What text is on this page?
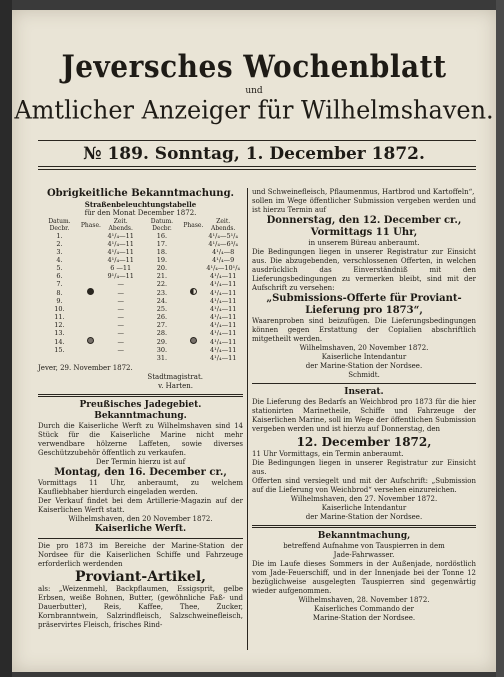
Jeversches Wochenblatt
und
Amtlicher Anzeiger für Wilhelmshaven.
№ 189. Sonntag, 1. December 1872.
Obrigkeitliche Bekanntmachung.
Straßenbeleuchtungstabelle
für den Monat December 1872.
Datum. Decbr.	Phase.	Zeit. Abends.	Datum. Decbr.	Phase.	Zeit. Abends.
1.		4¹/₄—11	16.		4¹/₄—5¹/₄
2.		4¹/₄—11	17.		4¹/₄—6³/₄
3.		4¹/₄—11	18.		4¹/₄—8
4.		4¹/₄—11	19.		4¹/₄—9
5.		6 —11	20.		4¹/₄—10¹/₄
6.		9¹/₄—11	21.		4¹/₄—11
7.		—	22.		4¹/₄—11
8.		—	23.		4¹/₄—11
9.		—	24.		4¹/₄—11
10.		—	25.		4¹/₄—11
11.		—	26.		4¹/₄—11
12.		—	27.		4¹/₄—11
13.		—	28.		4¹/₄—11
14.		—	29.		4¹/₄—11
15.		—	30.		4¹/₄—11
			31.		4¹/₄—11
Jever, 29. November 1872.
Stadtmagistrat.
v. Harten.
Preußisches Jadegebiet.
Bekanntmachung.

Durch die Kaiserliche Werft zu Wilhelmshaven sind 14 Stück für die Kaiserliche Marine nicht mehr verwendbare hölzerne Laffeten, sowie diverses Geschützzubehör öffentlich zu verkaufen.

Der Termin hierzu ist auf

Montag, den 16. December cr.,

Vormittags 11 Uhr, anberaumt, zu welchem Kaufliebhaber hierdurch eingeladen werden.

Der Verkauf findet bei dem Artillerie-Magazin auf der Kaiserlichen Werft statt.

Wilhelmshaven, den 20 November 1872.

Kaiserliche Werft.

Die pro 1873 im Bereiche der Marine-Station der Nordsee für die Kaiserlichen Schiffe und Fahrzeuge erforderlich werdenden

Proviant-Artikel,

als: „Weizenmehl, Backpflaumen, Essigsprit, gelbe Erbsen, weiße Bohnen, Butter, (gewöhnliche Faß- und Dauerbutter), Reis, Kaffee, Thee, Zucker, Kornbranntwein, Salzrindfleisch, Salzschweinefleisch, präservirtes Fleisch, frisches Rind-

und Schweinefleisch, Pflaumenmus, Hartbrod und Kartoffeln“,

sollen im Wege öffentlicher Submission vergeben werden und ist hierzu Termin auf

Donnerstag, den 12. December cr.,
Vormittags 11 Uhr,

in unserem Büreau anberaumt.

Die Bedingungen liegen in unserer Registratur zur Einsicht aus. Die abzugebenden, verschlossenen Offerten, in welchen ausdrücklich das Einverständniß mit den Lieferungsbedingungen zu vermerken bleibt, sind mit der Aufschrift zu versehen:

„Submissions-Offerte für Proviant-Lieferung pro 1873“,

Waarenproben sind beizufügen. Die Lieferungsbedingungen können gegen Erstattung der Copialien abschriftlich mitgetheilt werden.

Wilhelmshaven, 20 November 1872.

Kaiserliche Intendantur

der Marine-Station der Nordsee.

Schmidt.

Inserat.

Die Lieferung des Bedarfs an Weichbrod pro 1873 für die hier stationirten Marinetheile, Schiffe und Fahrzeuge der Kaiserlichen Marine, soll im Wege der öffentlichen Submission vergeben werden und ist hierzu auf Donnerstag, den

12. December 1872,

11 Uhr Vormittags, ein Termin anberaumt.

Die Bedingungen liegen in unserer Registratur zur Einsicht aus.

Offerten sind versiegelt und mit der Aufschrift: „Submission auf die Lieferung von Weichbrod“ versehen einzureichen.

Wilhelmshaven, den 27. November 1872.

Kaiserliche Intendantur

der Marine-Station der Nordsee.

Bekanntmachung,

betreffend Aufnahme von Tauspierren in dem

Jade-Fahrwasser.

Die im Laufe dieses Sommers in der Außenjade, nordöstlich vom Jade-Feuerschiff, und in der Innenjade bei der Tonne 12 bezüglichweise ausgelegten Tauspierren sind gegenwärtig wieder aufgenommen.

Wilhelmshaven, 28. November 1872.

Kaiserliches Commando der

Marine-Station der Nordsee.
